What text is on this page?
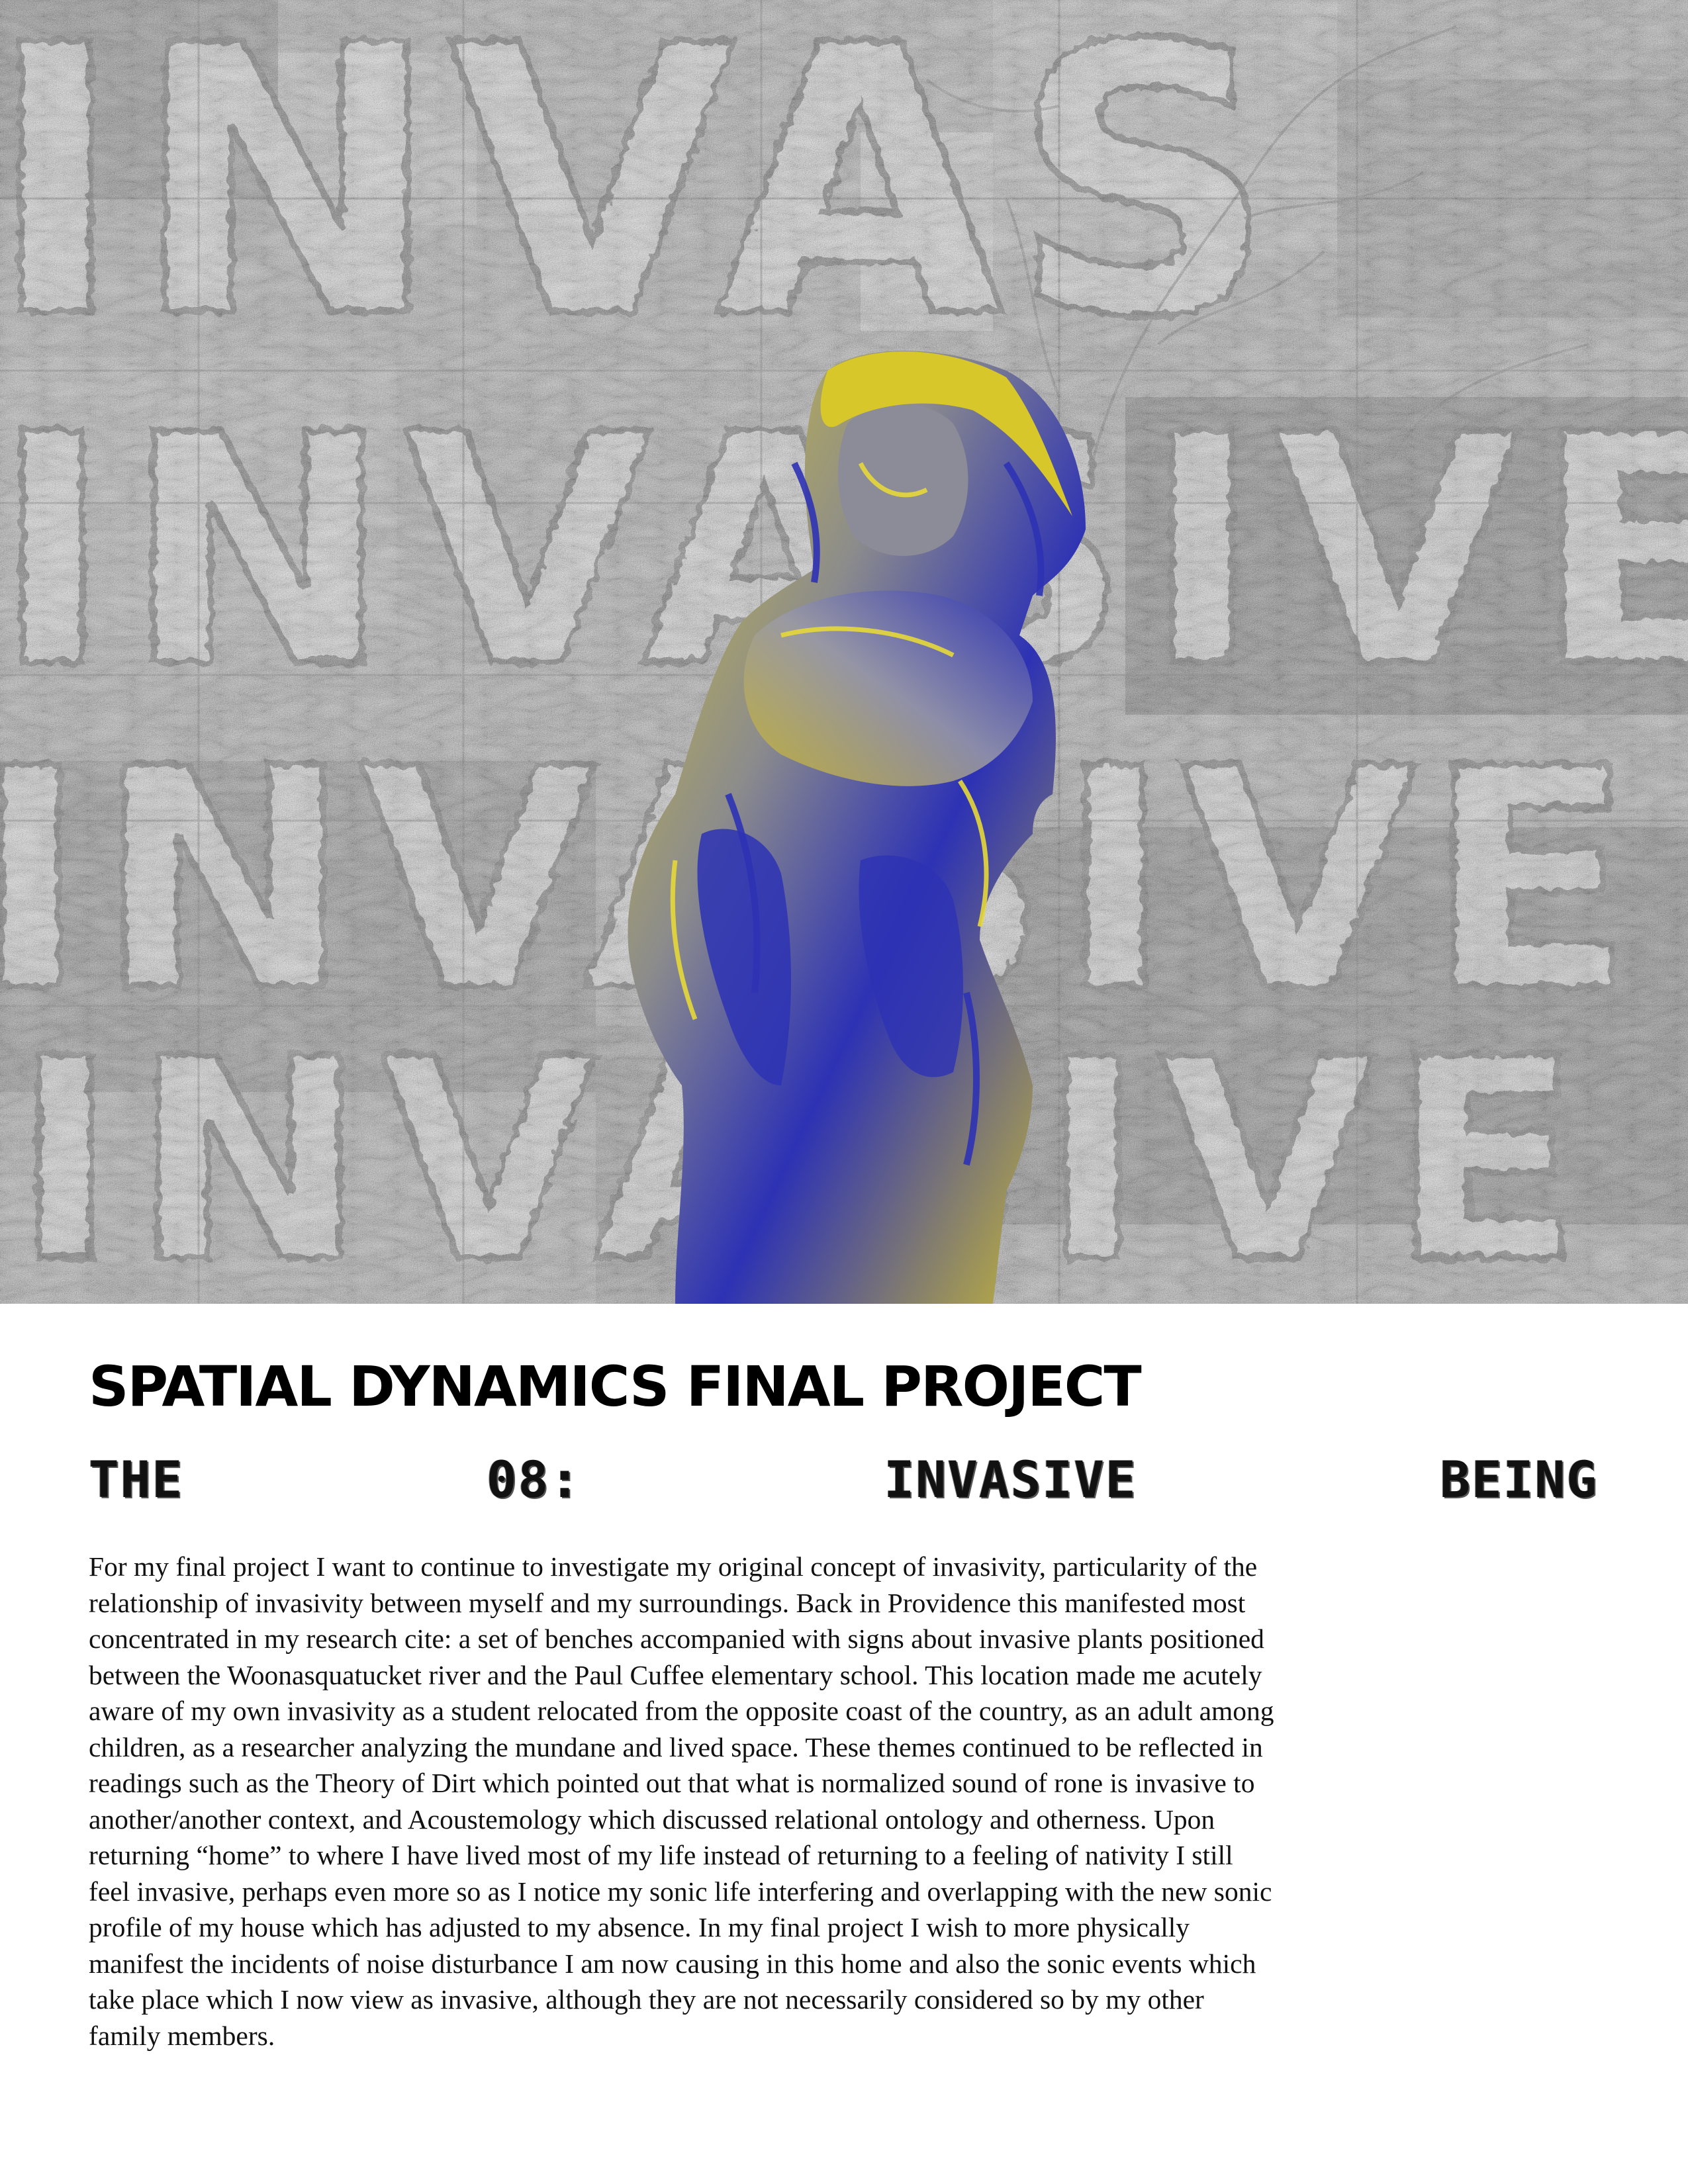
SPATIAL DYNAMICS FINAL PROJECT
THE	08:	INVASIVE	BEING

For my final project I want to continue to investigate my original concept of invasivity, particularity of the relationship of invasivity between myself and my surroundings. Back in Providence this manifested most concentrated in my research cite: a set of benches accompanied with signs about invasive plants positioned between the Woonasquatucket river and the Paul Cuffee elementary school. This location made me acutely aware of my own invasivity as a student relocated from the opposite coast of the country, as an adult among children, as a researcher analyzing the mundane and lived space. These themes continued to be reflected in readings such as the Theory of Dirt which pointed out that what is normalized sound of rone is invasive to another/another context, and Acoustemology which discussed relational ontology and otherness. Upon returning “home” to where I have lived most of my life instead of returning to a feeling of nativity I still feel invasive, perhaps even more so as I notice my sonic life interfering and overlapping with the new sonic profile of my house which has adjusted to my absence. In my final project I wish to more physically manifest the incidents of noise disturbance I am now causing in this home and also the sonic events which take place which I now view as invasive, although they are not necessarily considered so by my other family members.
